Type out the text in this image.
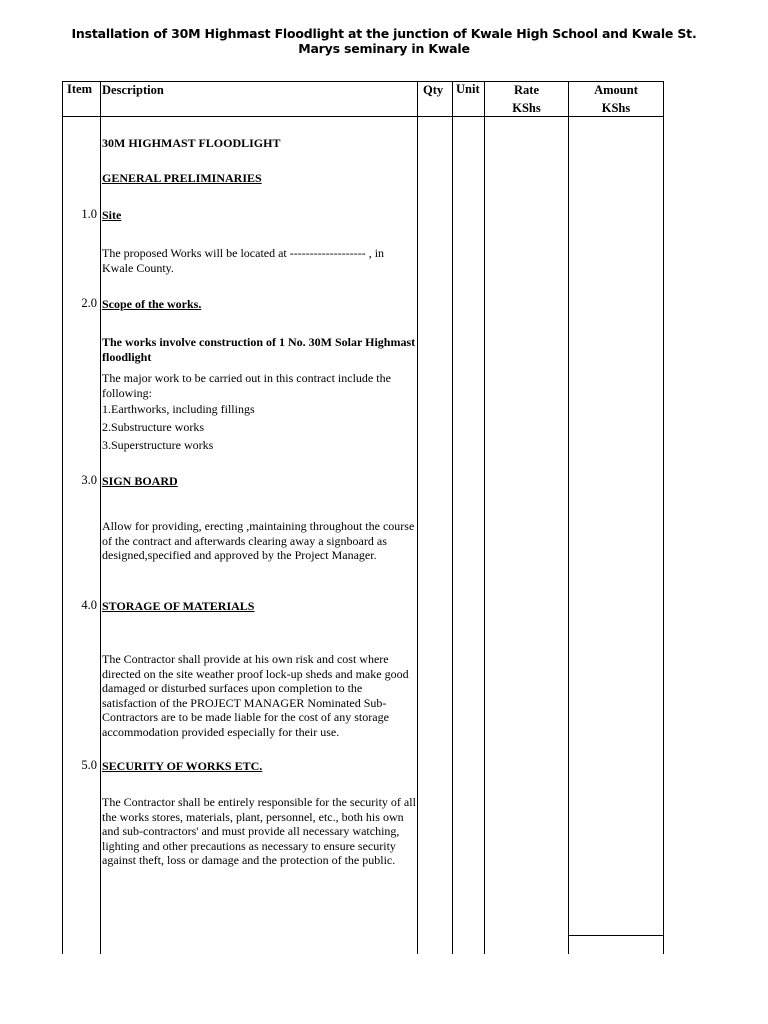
Installation of 30M Highmast Floodlight at the junction of Kwale High School and Kwale St. Marys seminary in Kwale
Item Description	Qty Unit	Rate
KShs
Amount
KShs
30M HIGHMAST FLOODLIGHT
GENERAL PRELIMINARIES
1.0 Site
The proposed Works will be located at ------------------- , in Kwale County.
2.0 Scope of the works.
The works involve construction of 1 No. 30M Solar Highmast floodlight
The major work to be carried out in this contract include the following:
1.Earthworks, including fillings
2.Substructure works
3.Superstructure works
3.0 SIGN BOARD
Allow for providing, erecting ,maintaining throughout the course of the contract and afterwards clearing away a signboard as designed,specified and approved by the Project Manager.
4.0 STORAGE OF MATERIALS
The Contractor shall provide at his own risk and cost where directed on the site weather proof lock-up sheds and make good damaged or disturbed surfaces upon completion to the satisfaction of the PROJECT MANAGER Nominated Sub-Contractors are to be made liable for the cost of any storage accommodation provided especially for their use.
5.0 SECURITY OF WORKS ETC.
The Contractor shall be entirely responsible for the security of all the works stores, materials, plant, personnel, etc., both his own and sub-contractors' and must provide all necessary watching, lighting and other precautions as necessary to ensure security against theft, loss or damage and the protection of the public.
